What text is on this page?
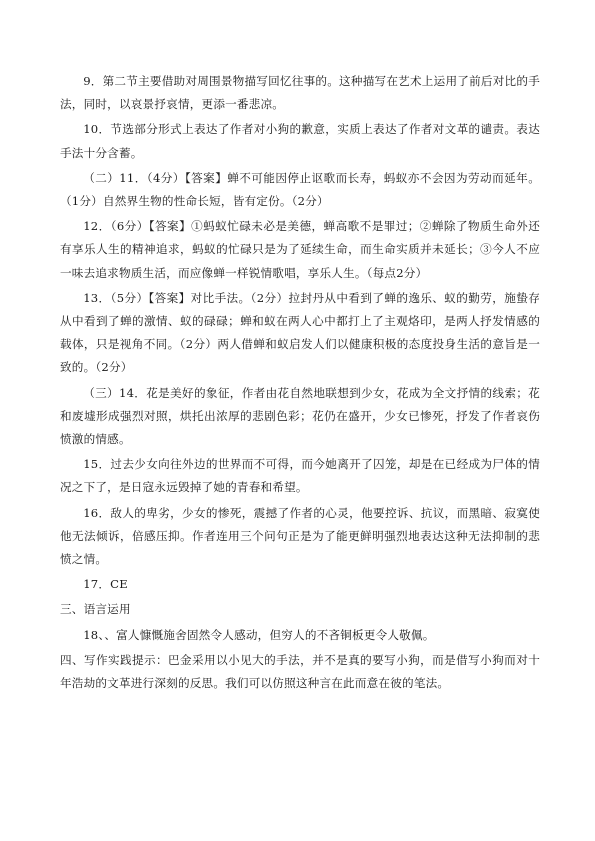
9．第二节主要借助对周围景物描写回忆往事的。这种描写在艺术上运用了前后对比的手法，同时，以哀景抒哀情，更添一番悲凉。

10．节选部分形式上表达了作者对小狗的歉意，实质上表达了作者对文革的谴责。表达手法十分含蓄。

（二）11．（4分）【答案】蝉不可能因停止讴歌而长寿，蚂蚁亦不会因为劳动而延年。（1分）自然界生物的性命长短，皆有定份。（2分）

12．（6分）【答案】①蚂蚁忙碌未必是美德，蝉高歌不是罪过；②蝉除了物质生命外还有享乐人生的精神追求，蚂蚁的忙碌只是为了延续生命，而生命实质并未延长；③今人不应一味去追求物质生活，而应像蝉一样锐情歌唱，享乐人生。（每点2分）

13．（5分）【答案】对比手法。（2分）拉封丹从中看到了蝉的逸乐、蚁的勤劳，施蛰存从中看到了蝉的激情、蚁的碌碌；蝉和蚁在两人心中都打上了主观烙印，是两人抒发情感的载体，只是视角不同。（2分）两人借蝉和蚁启发人们以健康积极的态度投身生活的意旨是一致的。（2分）

（三）14．花是美好的象征，作者由花自然地联想到少女，花成为全文抒情的线索；花和废墟形成强烈对照，烘托出浓厚的悲剧色彩；花仍在盛开，少女已惨死，抒发了作者哀伤愤激的情感。

15．过去少女向往外边的世界而不可得，而今她离开了囚笼，却是在已经成为尸体的情况之下了，是日寇永远毁掉了她的青春和希望。

16．敌人的卑劣，少女的惨死，震撼了作者的心灵，他要控诉、抗议，而黑暗、寂寞使他无法倾诉，倍感压抑。作者连用三个问句正是为了能更鲜明强烈地表达这种无法抑制的悲愤之情。

17．CE

三、语言运用

18、、富人慷慨施舍固然令人感动，但穷人的不吝铜板更令人敬佩。

四、写作实践提示：巴金采用以小见大的手法，并不是真的要写小狗，而是借写小狗而对十年浩劫的文革进行深刻的反思。我们可以仿照这种言在此而意在彼的笔法。
